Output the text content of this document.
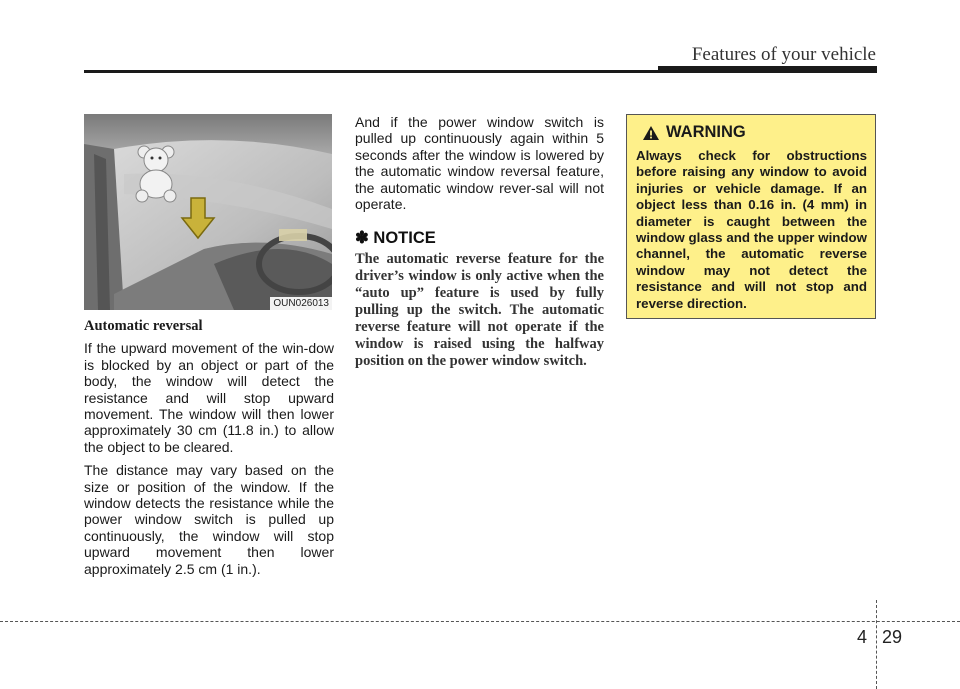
Features of your vehicle
OUN026013
Automatic reversal

If the upward movement of the win-dow is blocked by an object or part of the body, the window will detect the resistance and will stop upward movement. The window will then lower approximately 30 cm (11.8 in.) to allow the object to be cleared.

The distance may vary based on the size or position of the window. If the window detects the resistance while the power window switch is pulled up continuously, the window will stop upward movement then lower approximately 2.5 cm (1 in.).

And if the power window switch is pulled up continuously again within 5 seconds after the window is lowered by the automatic window reversal feature, the automatic window rever-sal will not operate.

✽ NOTICE
The automatic reverse feature for the driver’s window is only active when the “auto up” feature is used by fully pulling up the switch. The automatic reverse feature will not operate if the window is raised using the halfway position on the power window switch.
WARNING
Always check for obstructions before raising any window to avoid injuries or vehicle damage. If an object less than 0.16 in. (4 mm) in diameter is caught between the window glass and the upper window channel, the automatic reverse window may not detect the resistance and will not stop and reverse direction.
4 29
